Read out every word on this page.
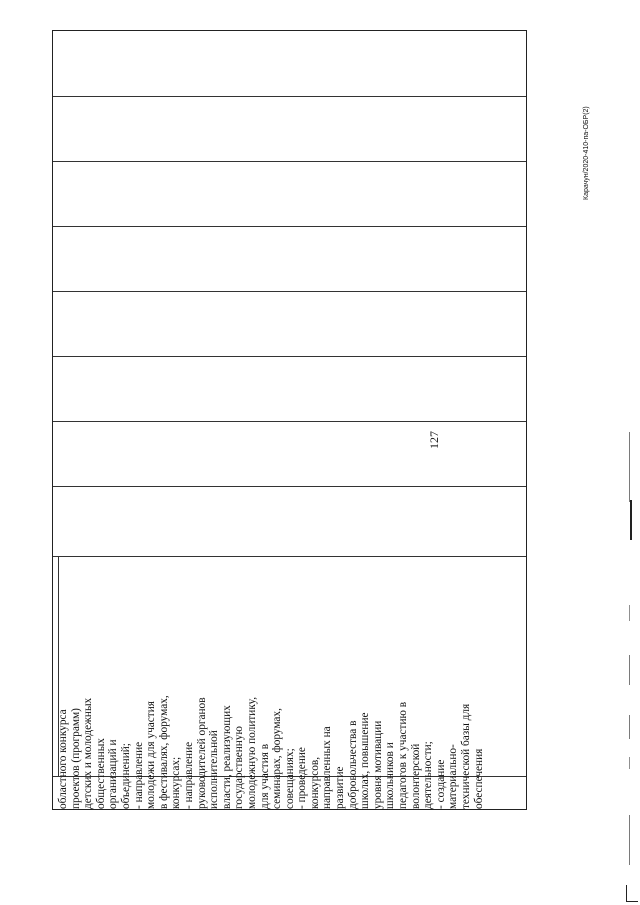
127
областного конкурса проектов (программ) детских и молодежных общественных организаций и объединений; - направление молодежи для участия в фестивалях, форумах, конкурсах; - направление руководителей органов исполнительной власти, реализующих государственную молодежную политику, для участия в семинарах, форумах, совещаниях; - проведение конкурсов, направленных на развитие добровольчества в школах, повышение уровня мотивации школьников и педагогов к участию в волонтерской деятельности; - создание материально- технической базы для обеспечения
Карачун/2020-410-па-ОБР(2)
